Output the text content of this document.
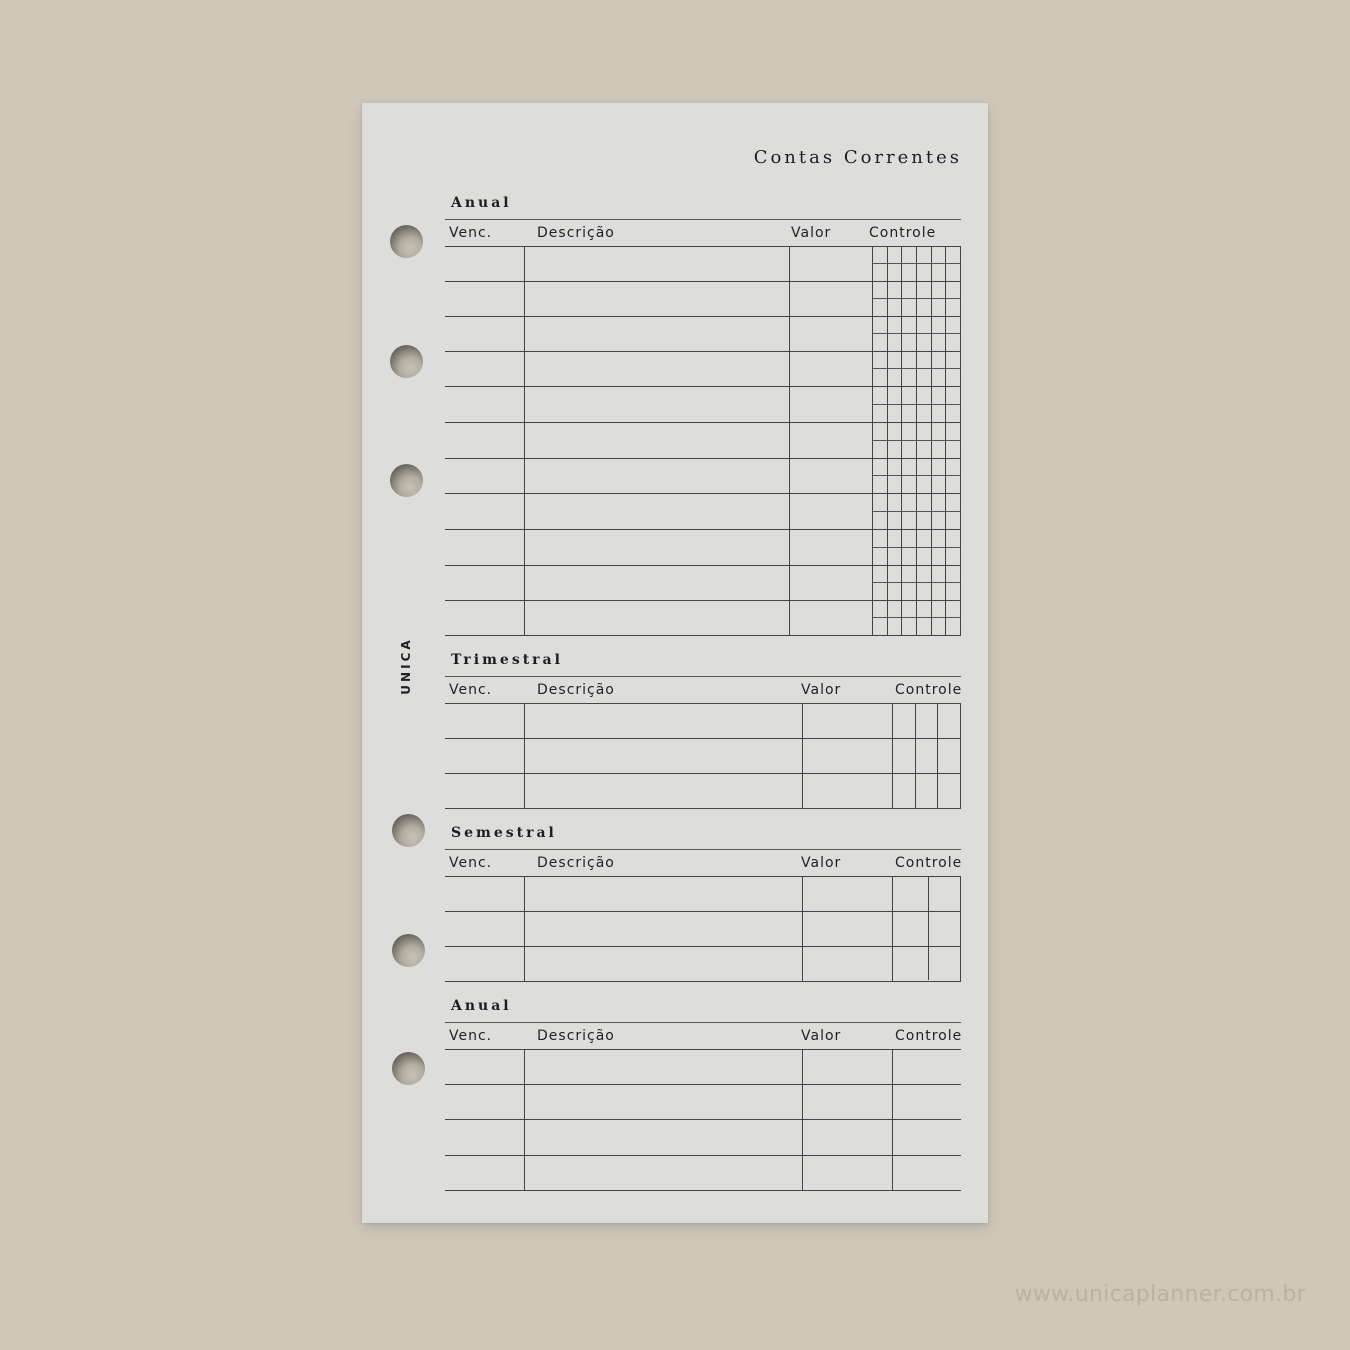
Contas Correntes
UNICA
Anual
Venc.	Descrição	Valor	Controle
Trimestral
Venc.	Descrição	Valor	Controle
Semestral
Venc.	Descrição	Valor	Controle
Anual
Venc.	Descrição	Valor	Controle
www.unicaplanner.com.br
